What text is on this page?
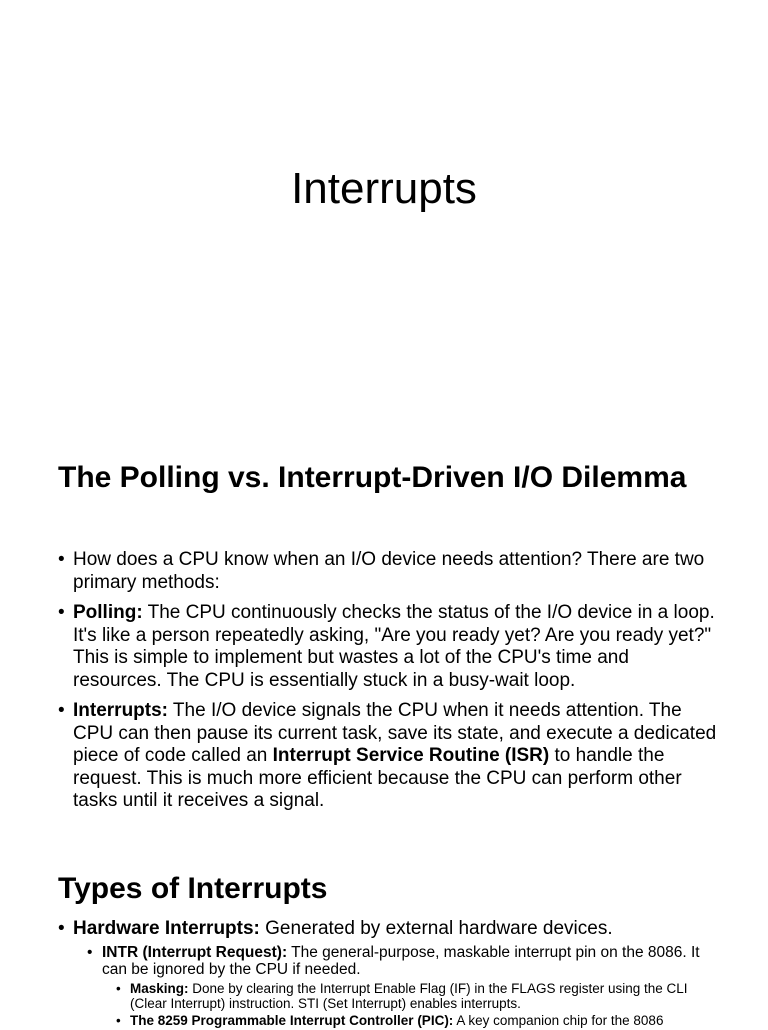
Interrupts
The Polling vs. Interrupt-Driven I/O Dilemma
• How does a CPU know when an I/O device needs attention? There are two primary methods:
• Polling: The CPU continuously checks the status of the I/O device in a loop. It's like a person repeatedly asking, "Are you ready yet? Are you ready yet?" This is simple to implement but wastes a lot of the CPU's time and resources. The CPU is essentially stuck in a busy-wait loop.
• Interrupts: The I/O device signals the CPU when it needs attention. The CPU can then pause its current task, save its state, and execute a dedicated piece of code called an Interrupt Service Routine (ISR) to handle the request. This is much more efficient because the CPU can perform other tasks until it receives a signal.
Types of Interrupts
• Hardware Interrupts: Generated by external hardware devices.
• INTR (Interrupt Request): The general-purpose, maskable interrupt pin on the 8086. It can be ignored by the CPU if needed.
• Masking: Done by clearing the Interrupt Enable Flag (IF) in the FLAGS register using the CLI (Clear Interrupt) instruction. STI (Set Interrupt) enables interrupts.
• The 8259 Programmable Interrupt Controller (PIC): A key companion chip for the 8086
